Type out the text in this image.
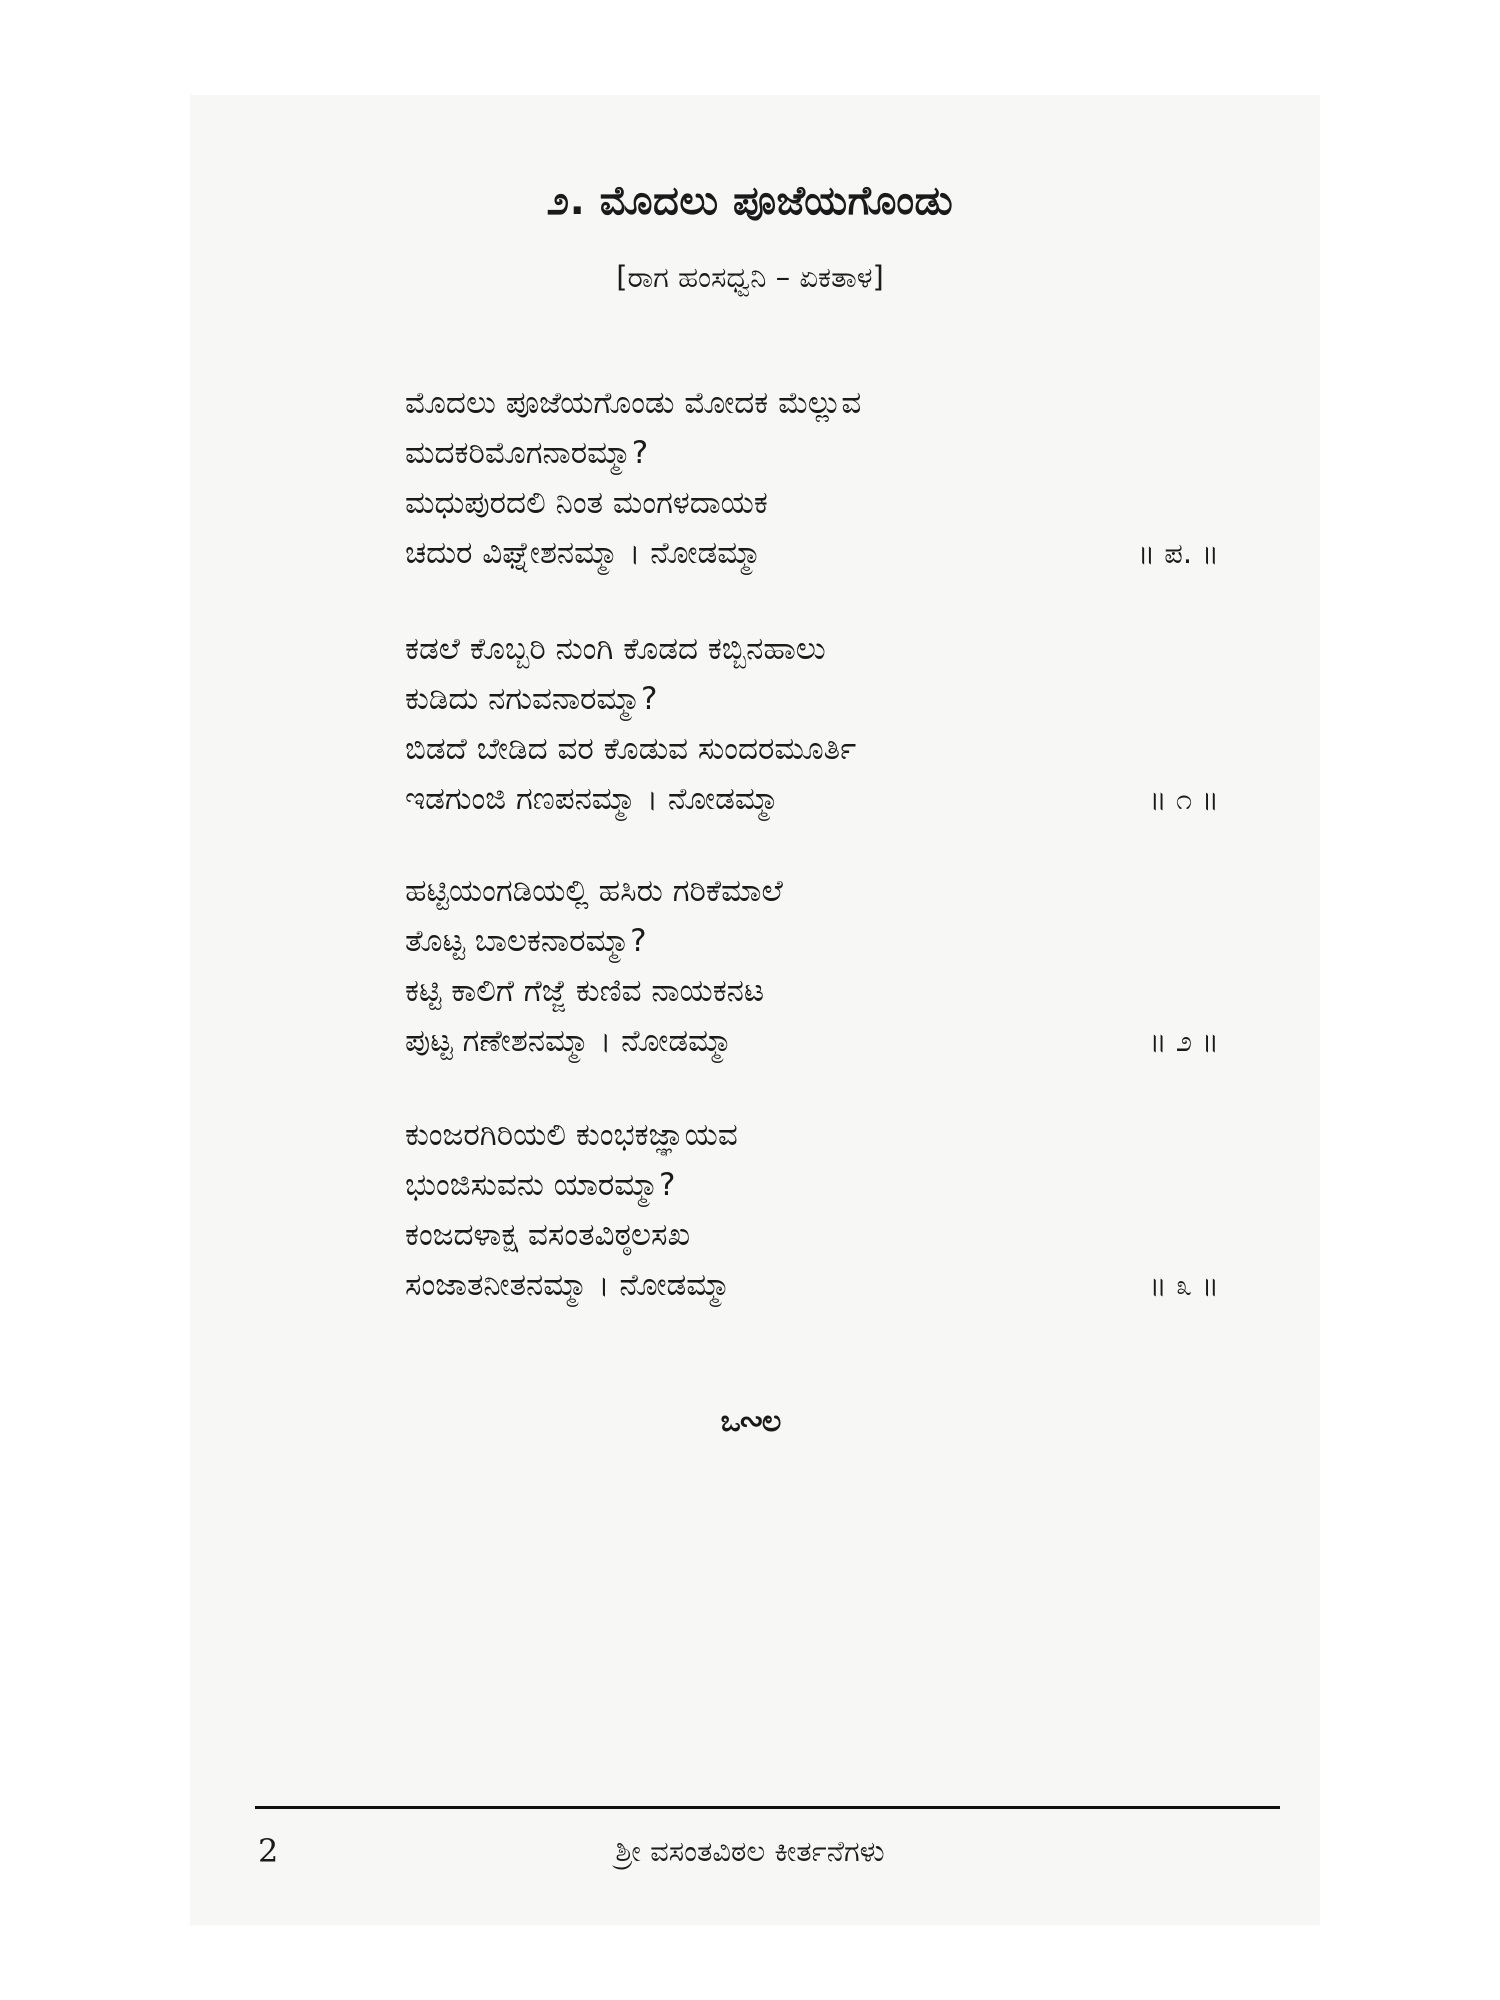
೨. ಮೊದಲು ಪೂಜೆಯಗೊಂಡು
[ರಾಗ ಹಂಸಧ್ವನಿ – ಏಕತಾಳ]
ಮೊದಲು ಪೂಜೆಯಗೊಂಡು ಮೋದಕ ಮೆಲ್ಲುವ
ಮದಕರಿಮೊಗನಾರಮ್ಮಾ?
ಮಧುಪುರದಲಿ ನಿಂತ ಮಂಗಳದಾಯಕ
ಚದುರ ವಿಘ್ನೇಶನಮ್ಮಾ । ನೋಡಮ್ಮಾ	॥ ಪ. ॥
ಕಡಲೆ ಕೊಬ್ಬರಿ ನುಂಗಿ ಕೊಡದ ಕಬ್ಬಿನಹಾಲು
ಕುಡಿದು ನಗುವನಾರಮ್ಮಾ?
ಬಿಡದೆ ಬೇಡಿದ ವರ ಕೊಡುವ ಸುಂದರಮೂರ್ತಿ
ಇಡಗುಂಜಿ ಗಣಪನಮ್ಮಾ । ನೋಡಮ್ಮಾ	॥ ೧ ॥
ಹಟ್ಟಿಯಂಗಡಿಯಲ್ಲಿ ಹಸಿರು ಗರಿಕೆಮಾಲೆ
ತೊಟ್ಟ ಬಾಲಕನಾರಮ್ಮಾ?
ಕಟ್ಟಿ ಕಾಲಿಗೆ ಗೆಜ್ಜೆ ಕುಣಿವ ನಾಯಕನಟ
ಪುಟ್ಟ ಗಣೇಶನಮ್ಮಾ । ನೋಡಮ್ಮಾ	॥ ೨ ॥
ಕುಂಜರಗಿರಿಯಲಿ ಕುಂಭಕಜ್ಞಾಯವ
ಭುಂಜಿಸುವನು ಯಾರಮ್ಮಾ?
ಕಂಜದಳಾಕ್ಷ ವಸಂತವಿಠ್ಠಲಸಖ
ಸಂಜಾತನೀತನಮ್ಮಾ । ನೋಡಮ್ಮಾ	॥ ೩ ॥
ಒ∾ಲ
2	ಶ್ರೀ ವಸಂತವಿಠಲ ಕೀರ್ತನೆಗಳು
